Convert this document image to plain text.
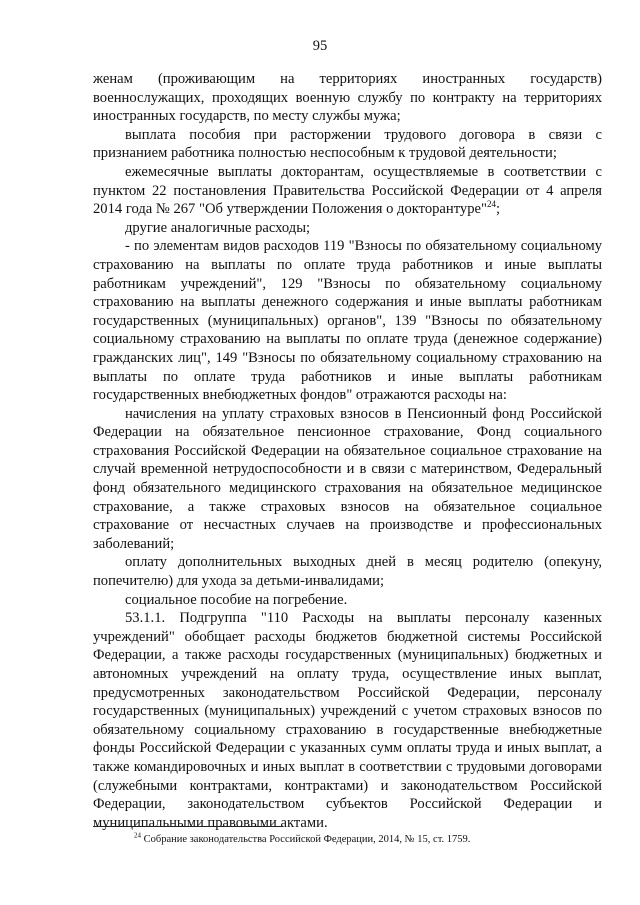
95

женам (проживающим на территориях иностранных государств) военнослужащих, проходящих военную службу по контракту на территориях иностранных государств, по месту службы мужа;

выплата пособия при расторжении трудового договора в связи с признанием работника полностью неспособным к трудовой деятельности;

ежемесячные выплаты докторантам, осуществляемые в соответствии с пунктом 22 постановления Правительства Российской Федерации от 4 апреля 2014 года № 267 "Об утверждении Положения о докторантуре"$^{24}$;

другие аналогичные расходы;

- по элементам видов расходов 119 "Взносы по обязательному социальному страхованию на выплаты по оплате труда работников и иные выплаты работникам учреждений", 129 "Взносы по обязательному социальному страхованию на выплаты денежного содержания и иные выплаты работникам государственных (муниципальных) органов", 139 "Взносы по обязательному социальному страхованию на выплаты по оплате труда (денежное содержание) гражданских лиц", 149 "Взносы по обязательному социальному страхованию на выплаты по оплате труда работников и иные выплаты работникам государственных внебюджетных фондов" отражаются расходы на:

начисления на уплату страховых взносов в Пенсионный фонд Российской Федерации на обязательное пенсионное страхование, Фонд социального страхования Российской Федерации на обязательное социальное страхование на случай временной нетрудоспособности и в связи с материнством, Федеральный фонд обязательного медицинского страхования на обязательное медицинское страхование, а также страховых взносов на обязательное социальное страхование от несчастных случаев на производстве и профессиональных заболеваний;

оплату дополнительных выходных дней в месяц родителю (опекуну, попечителю) для ухода за детьми-инвалидами;

социальное пособие на погребение.

53.1.1. Подгруппа "110 Расходы на выплаты персоналу казенных учреждений" обобщает расходы бюджетов бюджетной системы Российской Федерации, а также расходы государственных (муниципальных) бюджетных и автономных учреждений на оплату труда, осуществление иных выплат, предусмотренных законодательством Российской Федерации, персоналу государственных (муниципальных) учреждений с учетом страховых взносов по обязательному социальному страхованию в государственные внебюджетные фонды Российской Федерации с указанных сумм оплаты труда и иных выплат, а также командировочных и иных выплат в соответствии с трудовыми договорами (служебными контрактами, контрактами) и законодательством Российской Федерации, законодательством субъектов Российской Федерации и муниципальными правовыми актами.

$^{24}$ Собрание законодательства Российской Федерации, 2014, № 15, ст. 1759.
